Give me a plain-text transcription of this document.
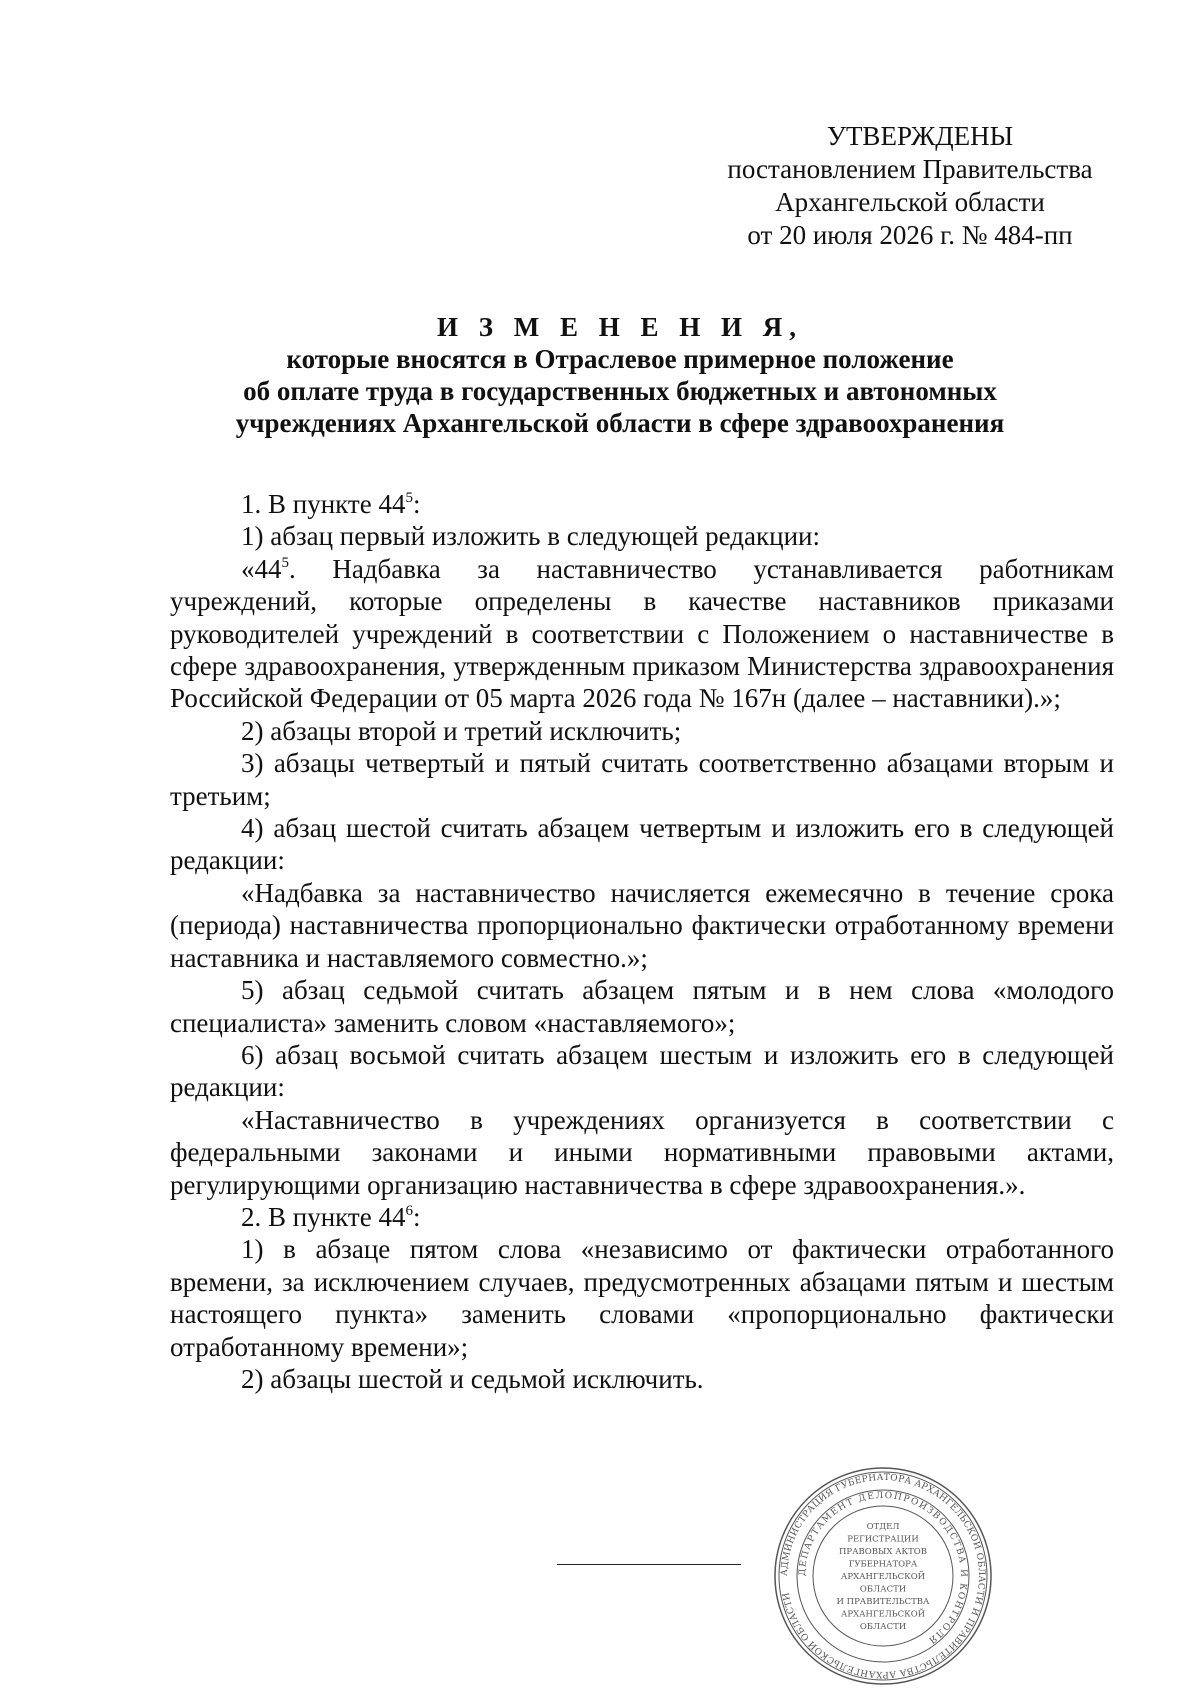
УТВЕРЖДЕНЫ
постановлением Правительства
Архангельской области
от 20 июля 2026 г. № 484-пп
И З М Е Н Е Н И Я,
которые вносятся в Отраслевое примерное положение
об оплате труда в государственных бюджетных и автономных
учреждениях Архангельской области в сфере здравоохранения

1. В пункте $44^5$:

1) абзац первый изложить в следующей редакции:

«$44^5$. Надбавка за наставничество устанавливается работникам учреждений, которые определены в качестве наставников приказами руководителей учреждений в соответствии с Положением о наставничестве в сфере здравоохранения, утвержденным приказом Министерства здравоохранения Российской Федерации от 05 марта 2026 года № 167н (далее – наставники).»;

2) абзацы второй и третий исключить;

3) абзацы четвертый и пятый считать соответственно абзацами вторым и третьим;

4) абзац шестой считать абзацем четвертым и изложить его в следующей редакции:

«Надбавка за наставничество начисляется ежемесячно в течение срока (периода) наставничества пропорционально фактически отработанному времени наставника и наставляемого совместно.»;

5) абзац седьмой считать абзацем пятым и в нем слова «молодого специалиста» заменить словом «наставляемого»;

6) абзац восьмой считать абзацем шестым и изложить его в следующей редакции:

«Наставничество в учреждениях организуется в соответствии с федеральными законами и иными нормативными правовыми актами, регулирующими организацию наставничества в сфере здравоохранения.».

2. В пункте $44^6$:

1) в абзаце пятом слова «независимо от фактически отработанного времени, за исключением случаев, предусмотренных абзацами пятым и шестым настоящего пункта» заменить словами «пропорционально фактически отработанному времени»;

2) абзацы шестой и седьмой исключить.

АДМИНИСТРАЦИЯ ГУБЕРНАТОРА АРХАНГЕЛЬСКОЙ ОБЛАСТИ И ПРАВИТЕЛЬСТВА АРХАНГЕЛЬСКОЙ ОБЛАСТИ
ДЕПАРТАМЕНТ ДЕЛОПРОИЗВОДСТВА И КОНТРОЛЯ
ОТДЕЛ
РЕГИСТРАЦИИ
ПРАВОВЫХ АКТОВ
ГУБЕРНАТОРА
АРХАНГЕЛЬСКОЙ
ОБЛАСТИ
И ПРАВИТЕЛЬСТВА
АРХАНГЕЛЬСКОЙ
ОБЛАСТИ
